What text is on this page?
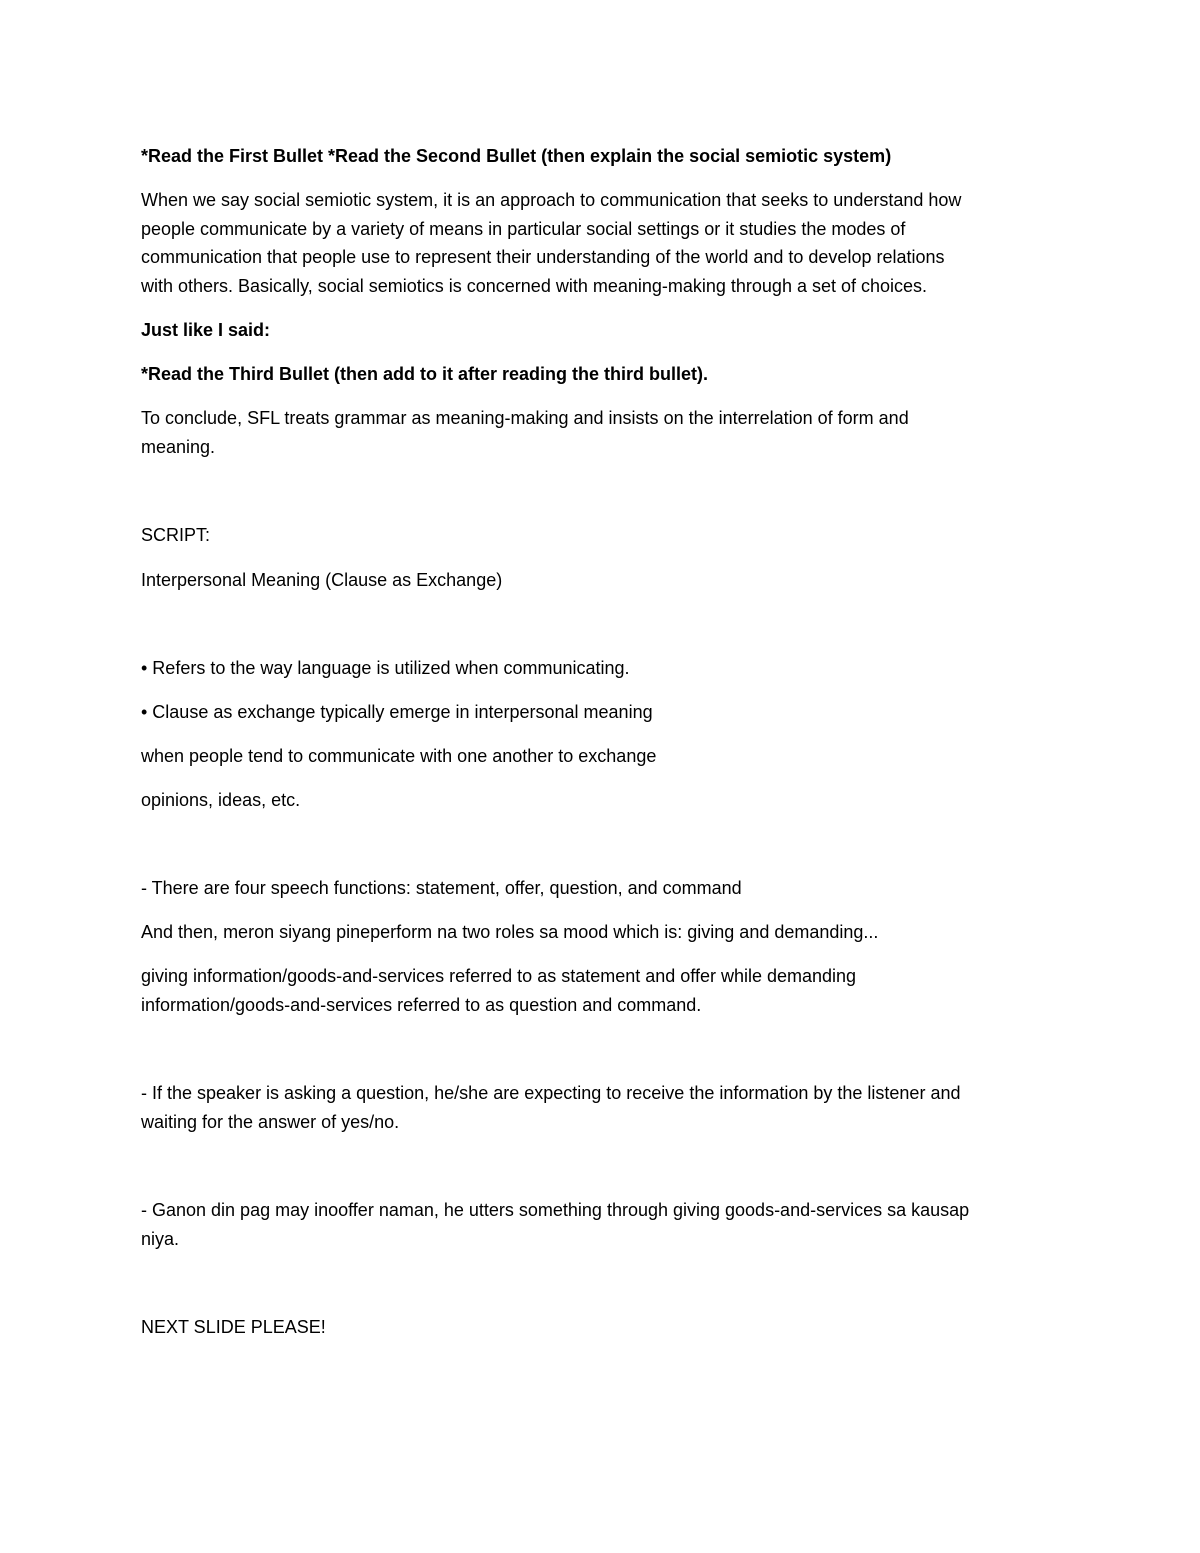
*Read the First Bullet *Read the Second Bullet (then explain the social semiotic system)

When we say social semiotic system, it is an approach to communication that seeks to understand how

people communicate by a variety of means in particular social settings or it studies the modes of

communication that people use to represent their understanding of the world and to develop relations

with others. Basically, social semiotics is concerned with meaning-making through a set of choices.

Just like I said:

*Read the Third Bullet (then add to it after reading the third bullet).

To conclude, SFL treats grammar as meaning-making and insists on the interrelation of form and

meaning.

SCRIPT:

Interpersonal Meaning (Clause as Exchange)

• Refers to the way language is utilized when communicating.

• Clause as exchange typically emerge in interpersonal meaning

when people tend to communicate with one another to exchange

opinions, ideas, etc.

- There are four speech functions: statement, offer, question, and command

And then, meron siyang pineperform na two roles sa mood which is: giving and demanding...

giving information/goods-and-services referred to as statement and offer while demanding

information/goods-and-services referred to as question and command.

- If the speaker is asking a question, he/she are expecting to receive the information by the listener and

waiting for the answer of yes/no.

- Ganon din pag may inooffer naman, he utters something through giving goods-and-services sa kausap

niya.

NEXT SLIDE PLEASE!
